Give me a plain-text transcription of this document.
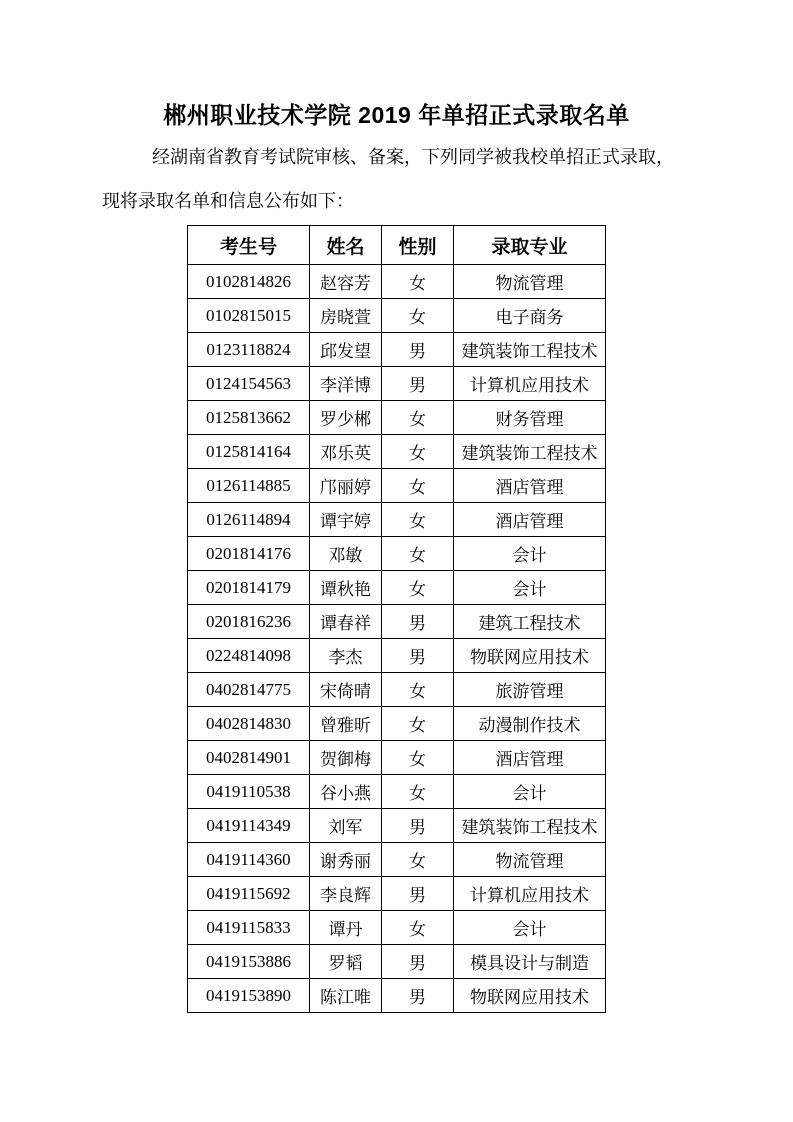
郴州职业技术学院 2019 年单招正式录取名单

经湖南省教育考试院审核、备案，下列同学被我校单招正式录取，

现将录取名单和信息公布如下：

考生号	姓名	性别	录取专业
0102814826	赵容芳	女	物流管理
0102815015	房晓萱	女	电子商务
0123118824	邱发望	男	建筑装饰工程技术
0124154563	李洋博	男	计算机应用技术
0125813662	罗少郴	女	财务管理
0125814164	邓乐英	女	建筑装饰工程技术
0126114885	邝丽婷	女	酒店管理
0126114894	谭宇婷	女	酒店管理
0201814176	邓敏	女	会计
0201814179	谭秋艳	女	会计
0201816236	谭春祥	男	建筑工程技术
0224814098	李杰	男	物联网应用技术
0402814775	宋倚晴	女	旅游管理
0402814830	曾雅昕	女	动漫制作技术
0402814901	贺御梅	女	酒店管理
0419110538	谷小燕	女	会计
0419114349	刘军	男	建筑装饰工程技术
0419114360	谢秀丽	女	物流管理
0419115692	李良辉	男	计算机应用技术
0419115833	谭丹	女	会计
0419153886	罗韬	男	模具设计与制造
0419153890	陈江唯	男	物联网应用技术
